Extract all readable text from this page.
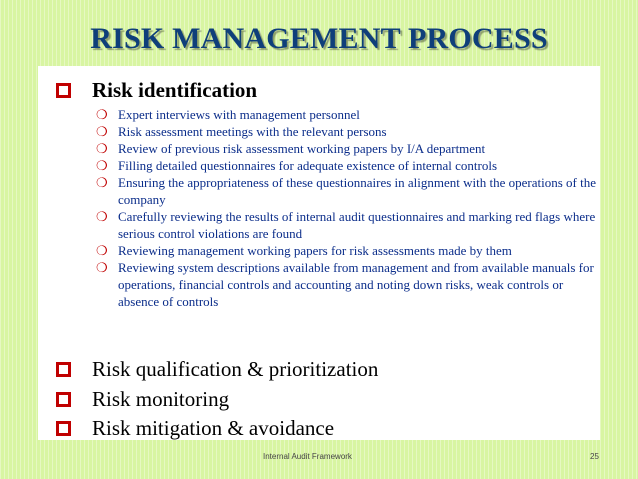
RISK MANAGEMENT PROCESS
Risk identification
❍ Expert interviews with management personnel
❍ Risk assessment meetings with the relevant persons
❍ Review of previous risk assessment working papers by I/A department
❍ Filling detailed questionnaires for adequate existence of internal controls
❍ Ensuring the appropriateness of these questionnaires in alignment with the operations of the company
❍ Carefully reviewing the results of internal audit questionnaires and marking red flags where serious control violations are found
❍ Reviewing management working papers for risk assessments made by them
❍ Reviewing system descriptions available from management and from available manuals for operations, financial controls and accounting and noting down risks, weak controls or absence of controls
Risk qualification & prioritization
Risk monitoring
Risk mitigation & avoidance
Internal Audit Framework	25
